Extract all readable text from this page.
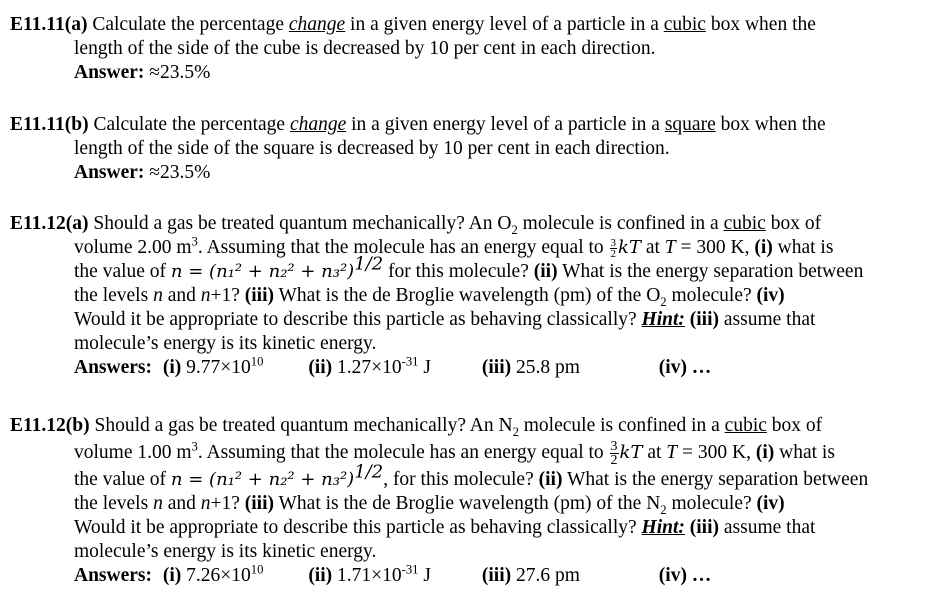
E11.11(a) Calculate the percentage change in a given energy level of a particle in a cubic box when the
length of the side of the cube is decreased by 10 per cent in each direction.
Answer: ≈23.5%
E11.11(b) Calculate the percentage change in a given energy level of a particle in a square box when the
length of the side of the square is decreased by 10 per cent in each direction.
Answer: ≈23.5%
E11.12(a) Should a gas be treated quantum mechanically? An $O_2$ molecule is confined in a cubic box of
volume 2.00 $m^3$. Assuming that the molecule has an energy equal to $\frac{3}{2}$ kT at T = 300 K, (i) what is
the value of $n = (n_1^2 + n_2^2 + n_3^2)^{1/2}$ for this molecule? (ii) What is the energy separation between
the levels n and n+1? (iii) What is the de Broglie wavelength (pm) of the $O_2$ molecule? (iv)
Would it be appropriate to describe this particle as behaving classically? Hint: (iii) assume that
molecule’s energy is its kinetic energy.
Answers: (i) $9.77\times 10^{10}$ (ii) $1.27\times 10^{-31}$ J	(iii) 25.8 pm	(iv) …
E11.12(b) Should a gas be treated quantum mechanically? An $N_2$ molecule is confined in a cubic box of
volume 1.00 $m^3$. Assuming that the molecule has an energy equal to $\frac{3}{2}$ kT at T = 300 K, (i) what is
the value of $n = (n_1^2 + n_2^2 + n_3^2)^{1/2}$, for this molecule? (ii) What is the energy separation between
the levels n and n+1? (iii) What is the de Broglie wavelength (pm) of the $N_2$ molecule? (iv)
Would it be appropriate to describe this particle as behaving classically? Hint: (iii) assume that
molecule’s energy is its kinetic energy.
Answers: (i) $7.26\times 10^{10}$ (ii) $1.71\times 10^{-31}$ J	(iii) 27.6 pm	(iv) …
